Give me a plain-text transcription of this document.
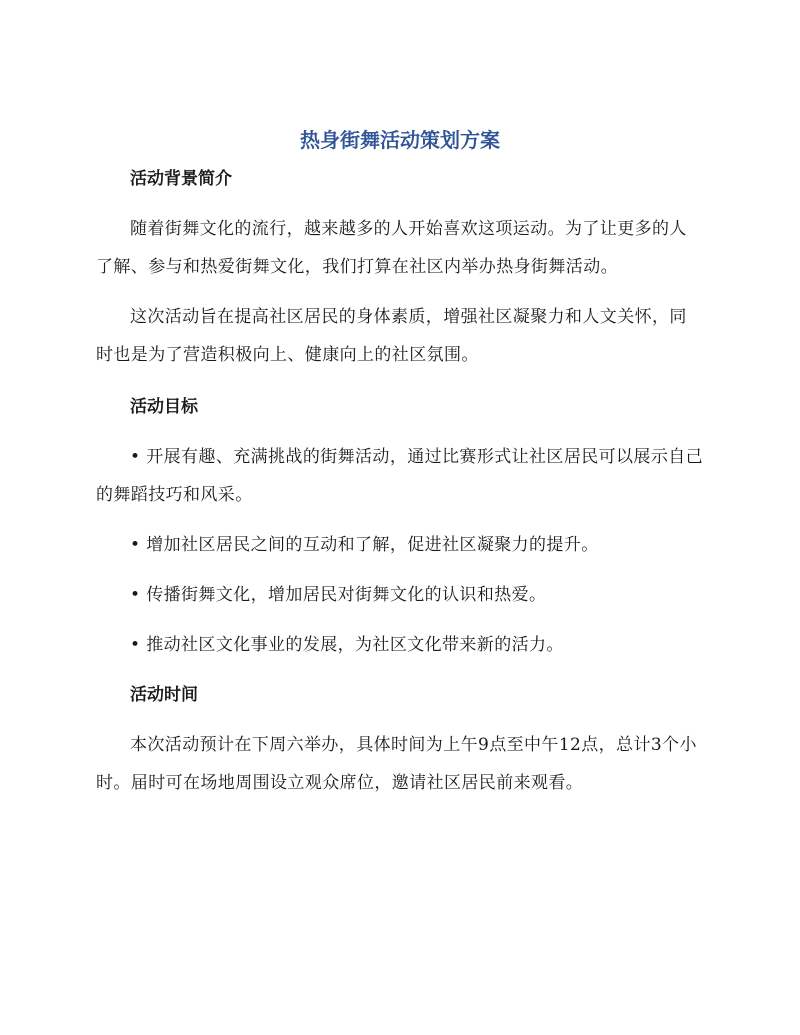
热身街舞活动策划方案
活动背景简介

随着街舞文化的流行，越来越多的人开始喜欢这项运动。为了让更多的人了解、参与和热爱街舞文化，我们打算在社区内举办热身街舞活动。

这次活动旨在提高社区居民的身体素质，增强社区凝聚力和人文关怀，同时也是为了营造积极向上、健康向上的社区氛围。

活动目标

• 开展有趣、充满挑战的街舞活动，通过比赛形式让社区居民可以展示自己的舞蹈技巧和风采。

• 增加社区居民之间的互动和了解，促进社区凝聚力的提升。

• 传播街舞文化，增加居民对街舞文化的认识和热爱。

• 推动社区文化事业的发展，为社区文化带来新的活力。

活动时间

本次活动预计在下周六举办，具体时间为上午9点至中午12点，总计3个小时。届时可在场地周围设立观众席位，邀请社区居民前来观看。
